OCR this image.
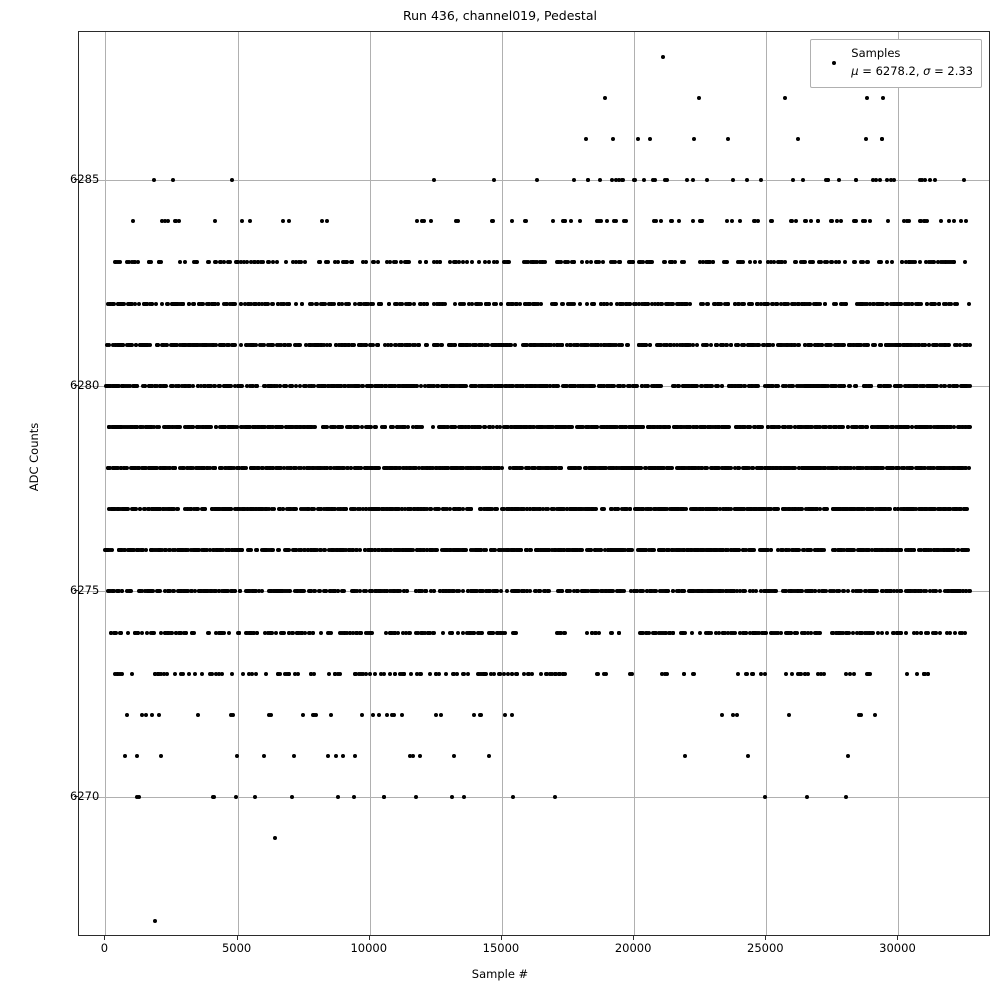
Run 436, channel019, Pedestal
Samples
μ = 6278.2, σ = 2.33
0	5000	10000	15000	20000	25000	30000
6270
6275
6280
6285
Sample #
ADC Counts
